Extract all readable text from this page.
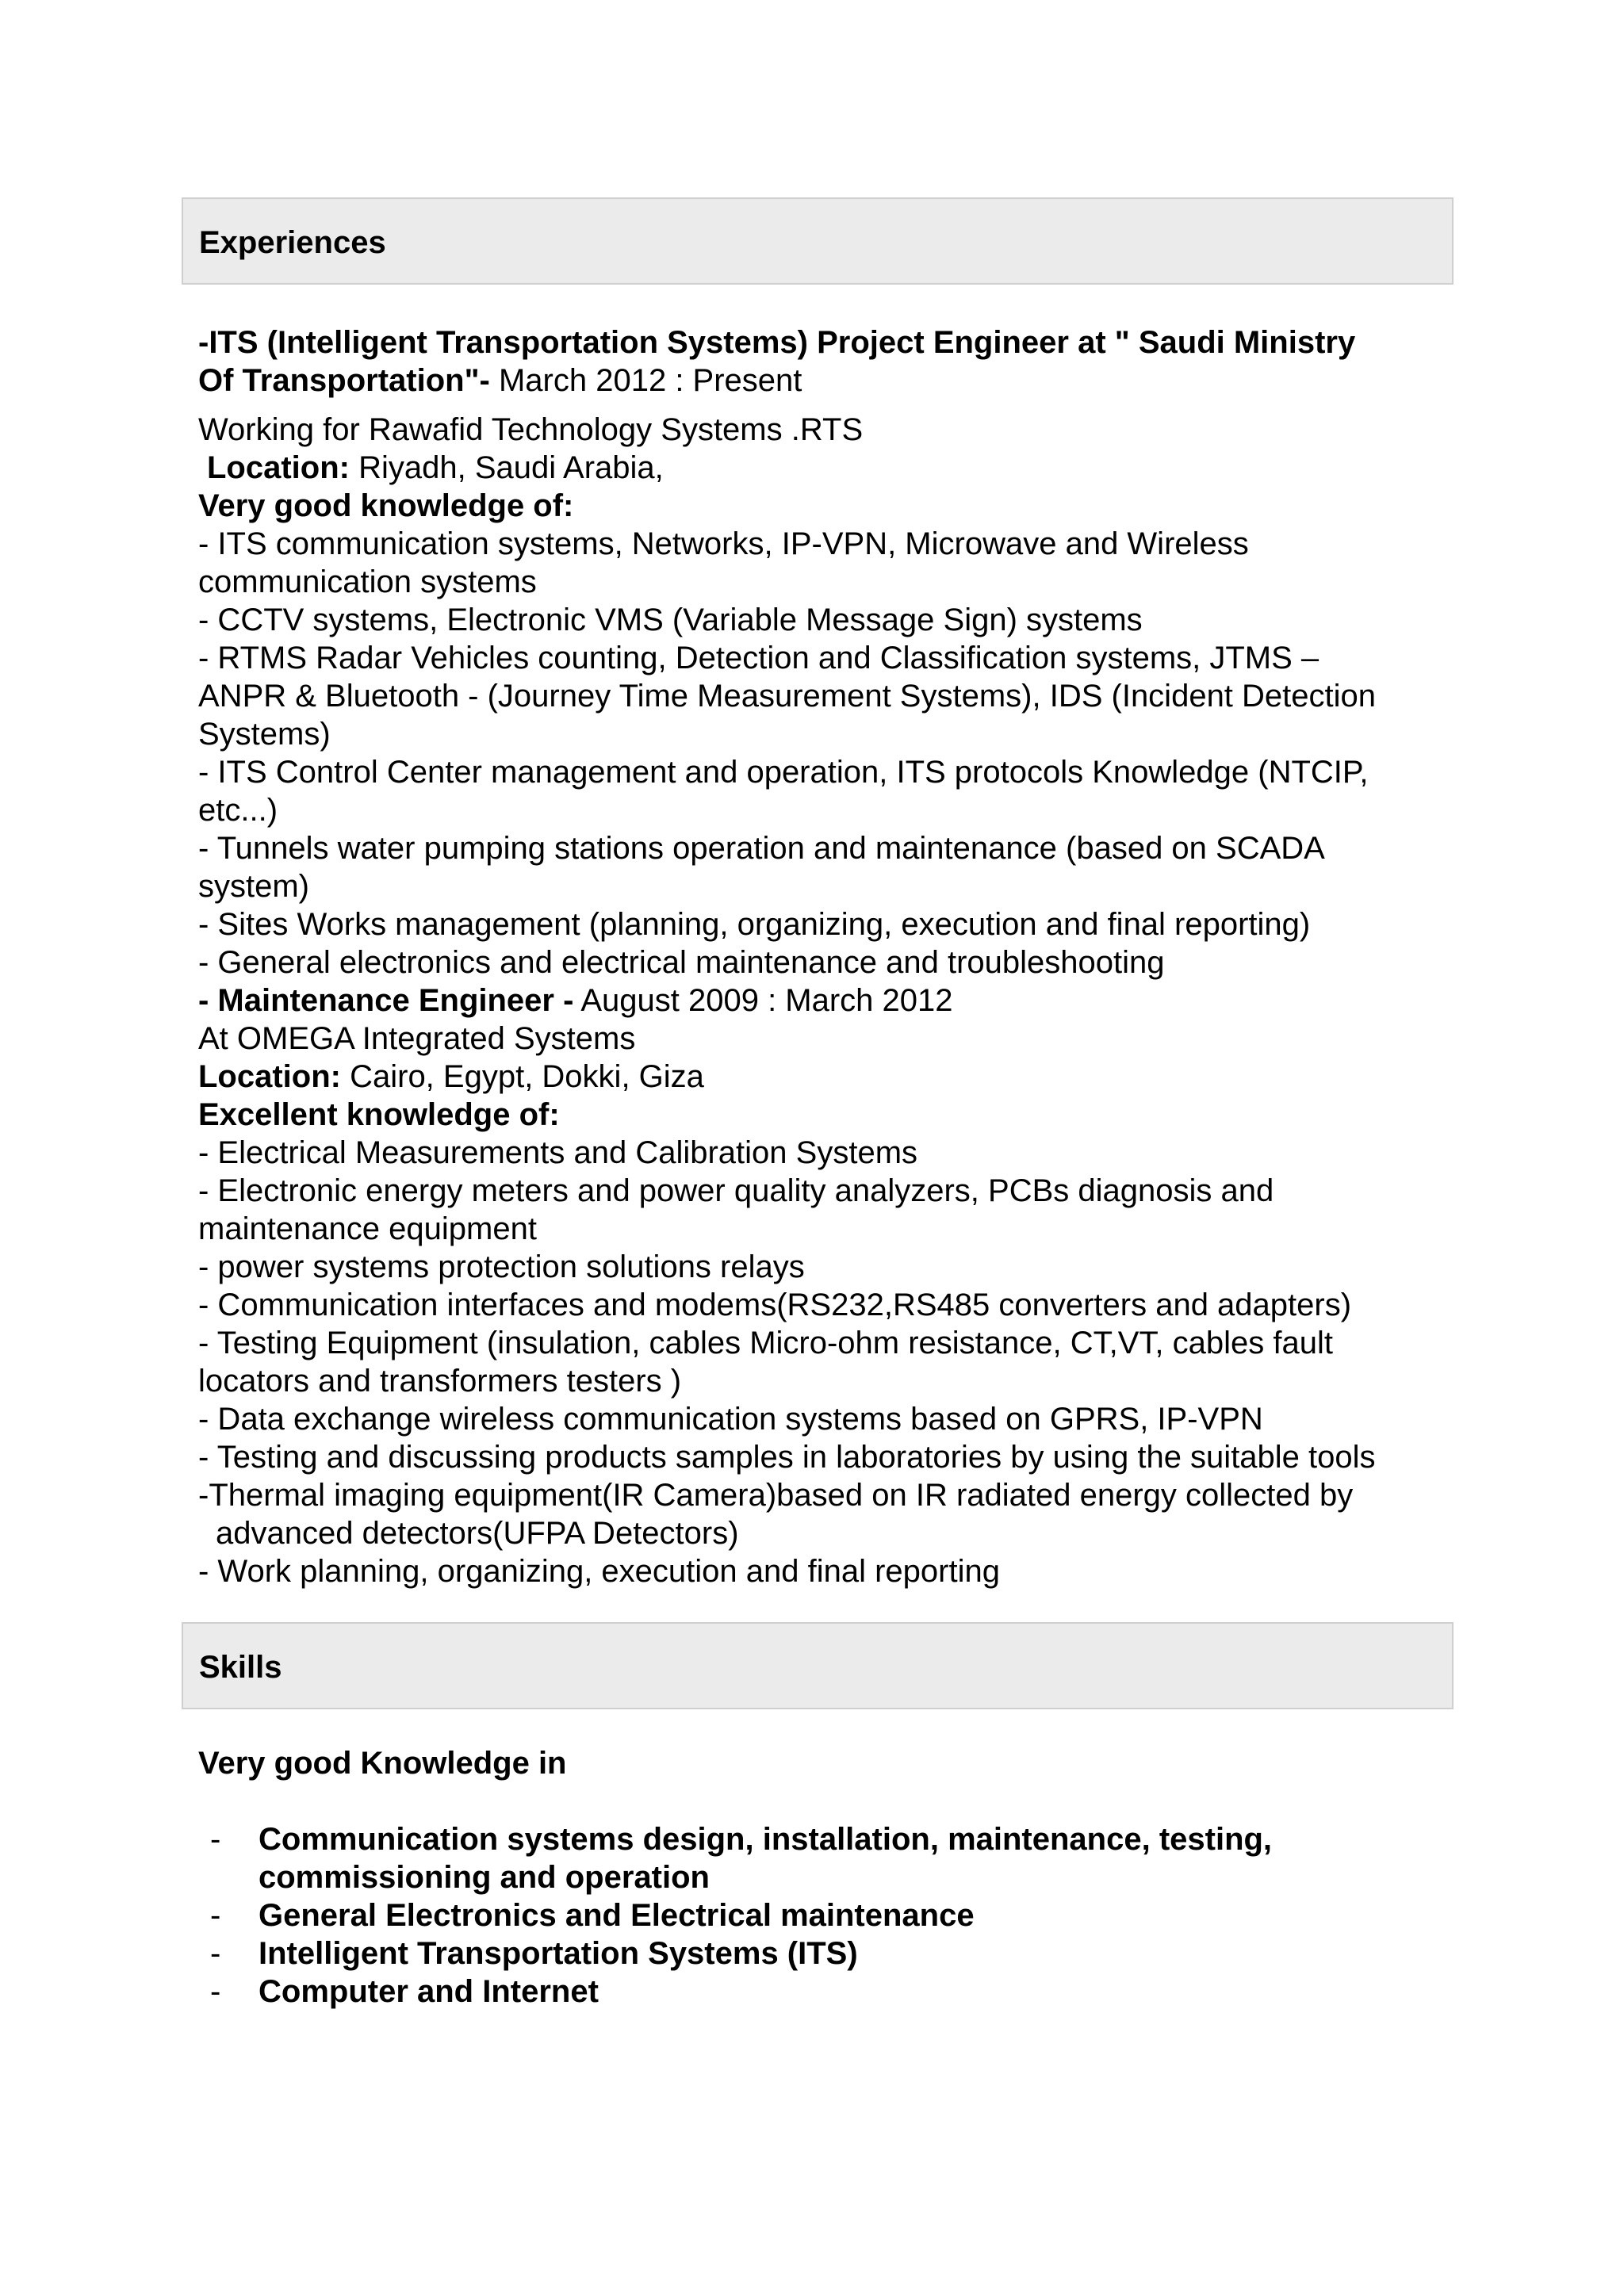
Experiences
-ITS (Intelligent Transportation Systems) Project Engineer at " Saudi Ministry
Of Transportation"- March 2012 : Present
Working for Rawafid Technology Systems .RTS
Location: Riyadh, Saudi Arabia,
Very good knowledge of:
- ITS communication systems, Networks, IP-VPN, Microwave and Wireless
communication systems
- CCTV systems, Electronic VMS (Variable Message Sign) systems
- RTMS Radar Vehicles counting, Detection and Classification systems, JTMS –
ANPR & Bluetooth - (Journey Time Measurement Systems), IDS (Incident Detection
Systems)
- ITS Control Center management and operation, ITS protocols Knowledge (NTCIP,
etc...)
- Tunnels water pumping stations operation and maintenance (based on SCADA
system)
- Sites Works management (planning, organizing, execution and final reporting)
- General electronics and electrical maintenance and troubleshooting
- Maintenance Engineer - August 2009 : March 2012
At OMEGA Integrated Systems
Location: Cairo, Egypt, Dokki, Giza
Excellent knowledge of:
- Electrical Measurements and Calibration Systems
- Electronic energy meters and power quality analyzers, PCBs diagnosis and
maintenance equipment
- power systems protection solutions relays
- Communication interfaces and modems(RS232,RS485 converters and adapters)
- Testing Equipment (insulation, cables Micro-ohm resistance, CT,VT, cables fault
locators and transformers testers )
- Data exchange wireless communication systems based on GPRS, IP-VPN
- Testing and discussing products samples in laboratories by using the suitable tools
-Thermal imaging equipment(IR Camera)based on IR radiated energy collected by
advanced detectors(UFPA Detectors)
- Work planning, organizing, execution and final reporting
Skills
Very good Knowledge in
- Communication systems design, installation, maintenance, testing,
commissioning and operation
- General Electronics and Electrical maintenance
- Intelligent Transportation Systems (ITS)
- Computer and Internet
